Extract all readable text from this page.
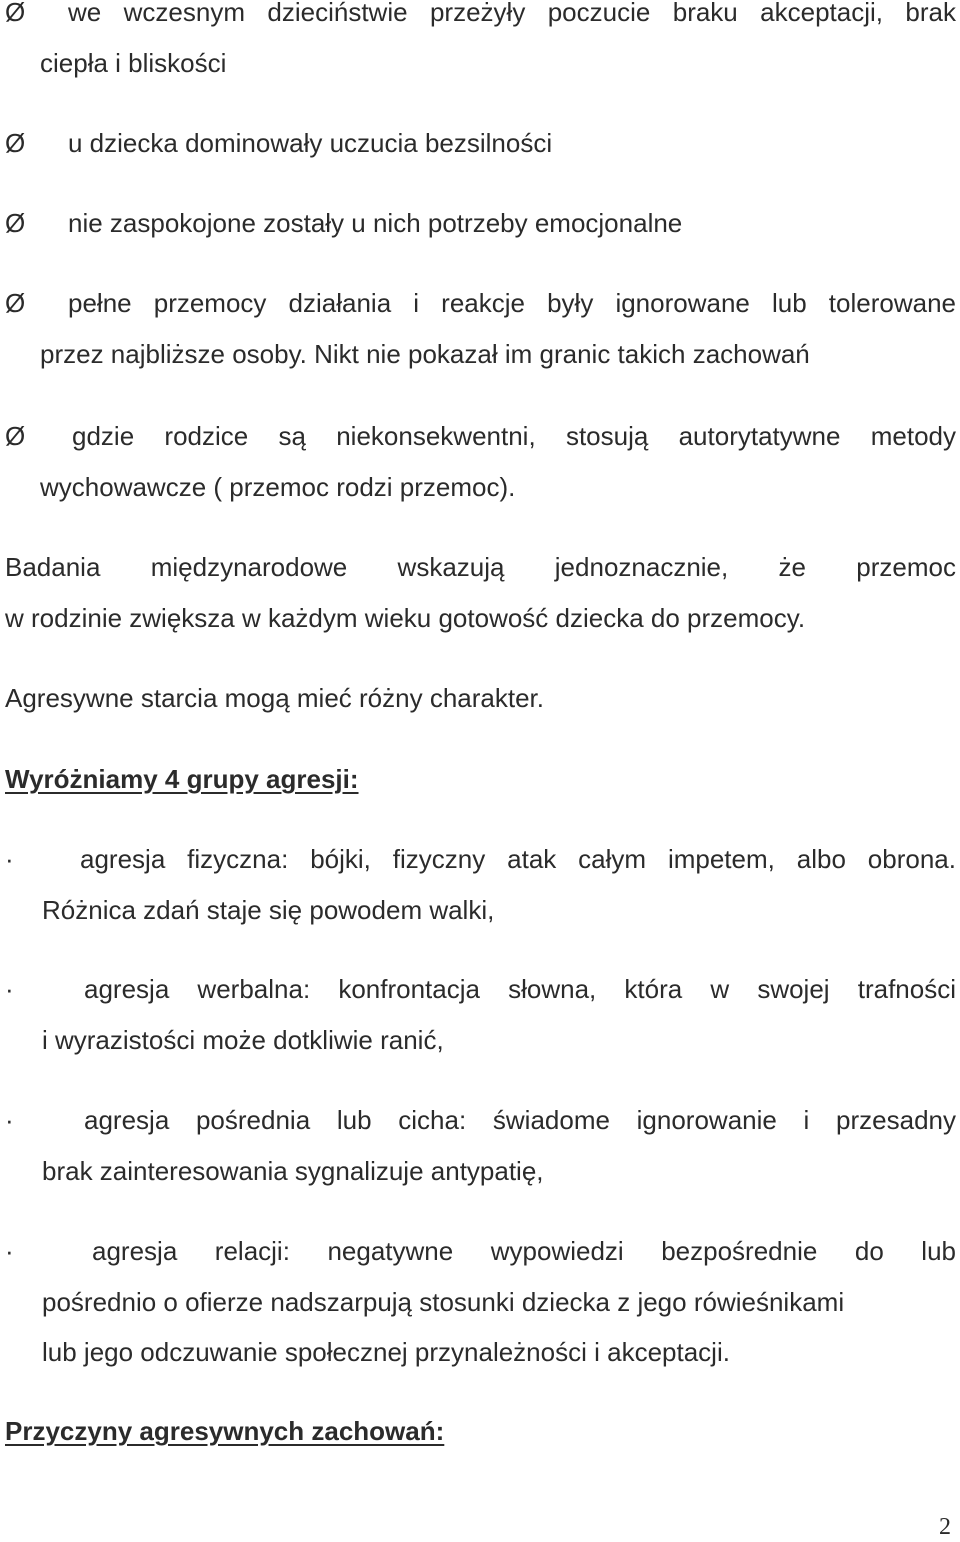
Ø we wczesnym dzieciństwie przeżyły poczucie braku akceptacji, brak
ciepła i bliskości
Ø u dziecka dominowały uczucia bezsilności
Ø nie zaspokojone zostały u nich potrzeby emocjonalne
Ø pełne przemocy działania i reakcje były ignorowane lub tolerowane
przez najbliższe osoby. Nikt nie pokazał im granic takich zachowań
Ø gdzie rodzice są niekonsekwentni, stosują autorytatywne metody
wychowawcze ( przemoc rodzi przemoc).
Badania międzynarodowe wskazują jednoznacznie, że przemoc
w rodzinie zwiększa w każdym wieku gotowość dziecka do przemocy.
Agresywne starcia mogą mieć różny charakter.
Wyróżniamy 4 grupy agresji:
·	agresja fizyczna: bójki, fizyczny atak całym impetem, albo obrona.
Różnica zdań staje się powodem walki,
·	agresja werbalna: konfrontacja słowna, która w swojej trafności
i wyrazistości może dotkliwie ranić,
·	agresja pośrednia lub cicha: świadome ignorowanie i przesadny
brak zainteresowania sygnalizuje antypatię,
·	agresja relacji: negatywne wypowiedzi bezpośrednie do lub
pośrednio o ofierze nadszarpują stosunki dziecka z jego rówieśnikami
lub jego odczuwanie społecznej przynależności i akceptacji.
Przyczyny agresywnych zachowań:
2
